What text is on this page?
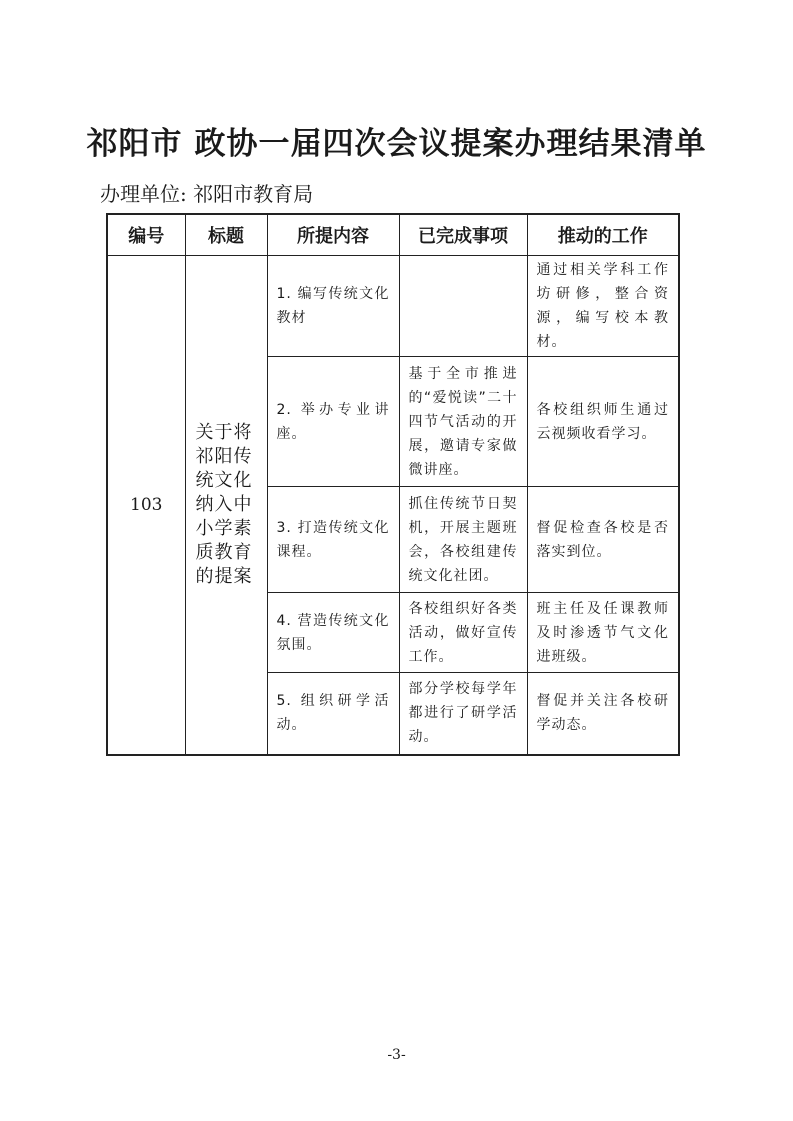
祁阳市 政协一届四次会议提案办理结果清单
办理单位: 祁阳市教育局
编号	标题	所提内容	已完成事项	推动的工作
103	关于将祁阳传统文化纳入中小学素质教育的提案	1. 编写传统文化教材		通过相关学科工作坊研修，整合资源，编写校本教材。
		2. 举办专业讲座。	基于全市推进的“爱悦读”二十四节气活动的开展，邀请专家做微讲座。	各校组织师生通过云视频收看学习。
		3. 打造传统文化课程。	抓住传统节日契机，开展主题班会，各校组建传统文化社团。	督促检查各校是否落实到位。
		4. 营造传统文化氛围。	各校组织好各类活动，做好宣传工作。	班主任及任课教师及时渗透节气文化进班级。
		5. 组织研学活动。	部分学校每学年都进行了研学活动。	督促并关注各校研学动态。
-3-
